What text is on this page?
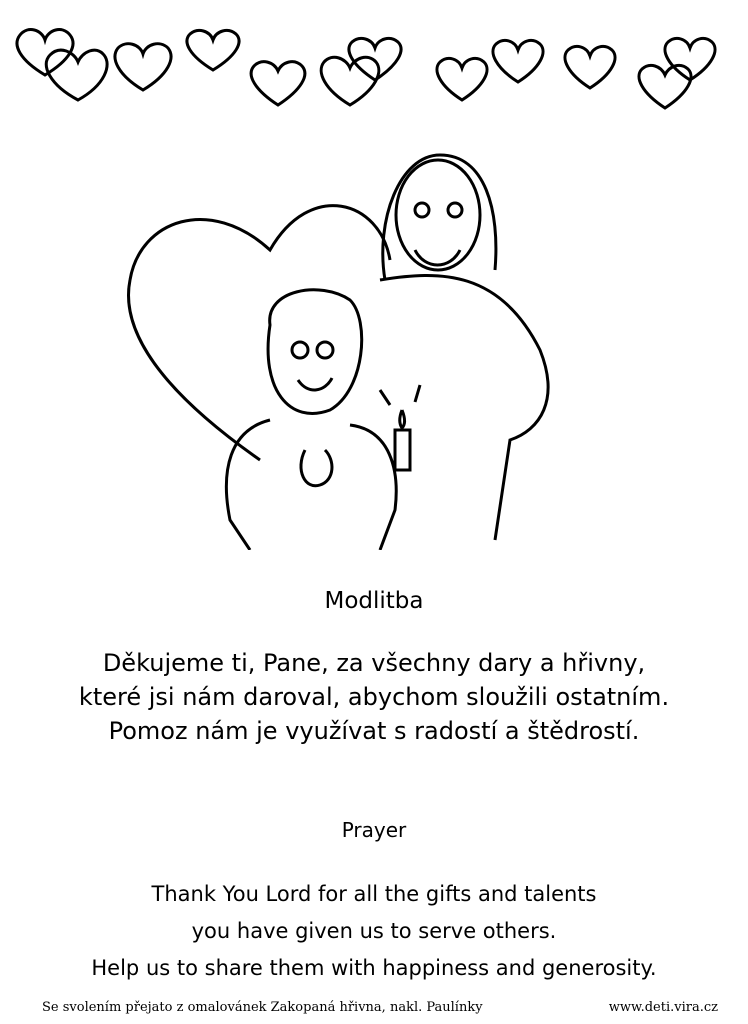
Modlitba
Děkujeme ti, Pane, za všechny dary a hřivny,
které jsi nám daroval, abychom sloužili ostatním.
Pomoz nám je využívat s radostí a štědrostí.
Prayer
Thank You Lord for all the gifts and talents
you have given us to serve others.
Help us to share them with happiness and generosity.
Se svolením přejato z omalovánek Zakopaná hřivna, nakl. Paulínky	www.deti.vira.cz
